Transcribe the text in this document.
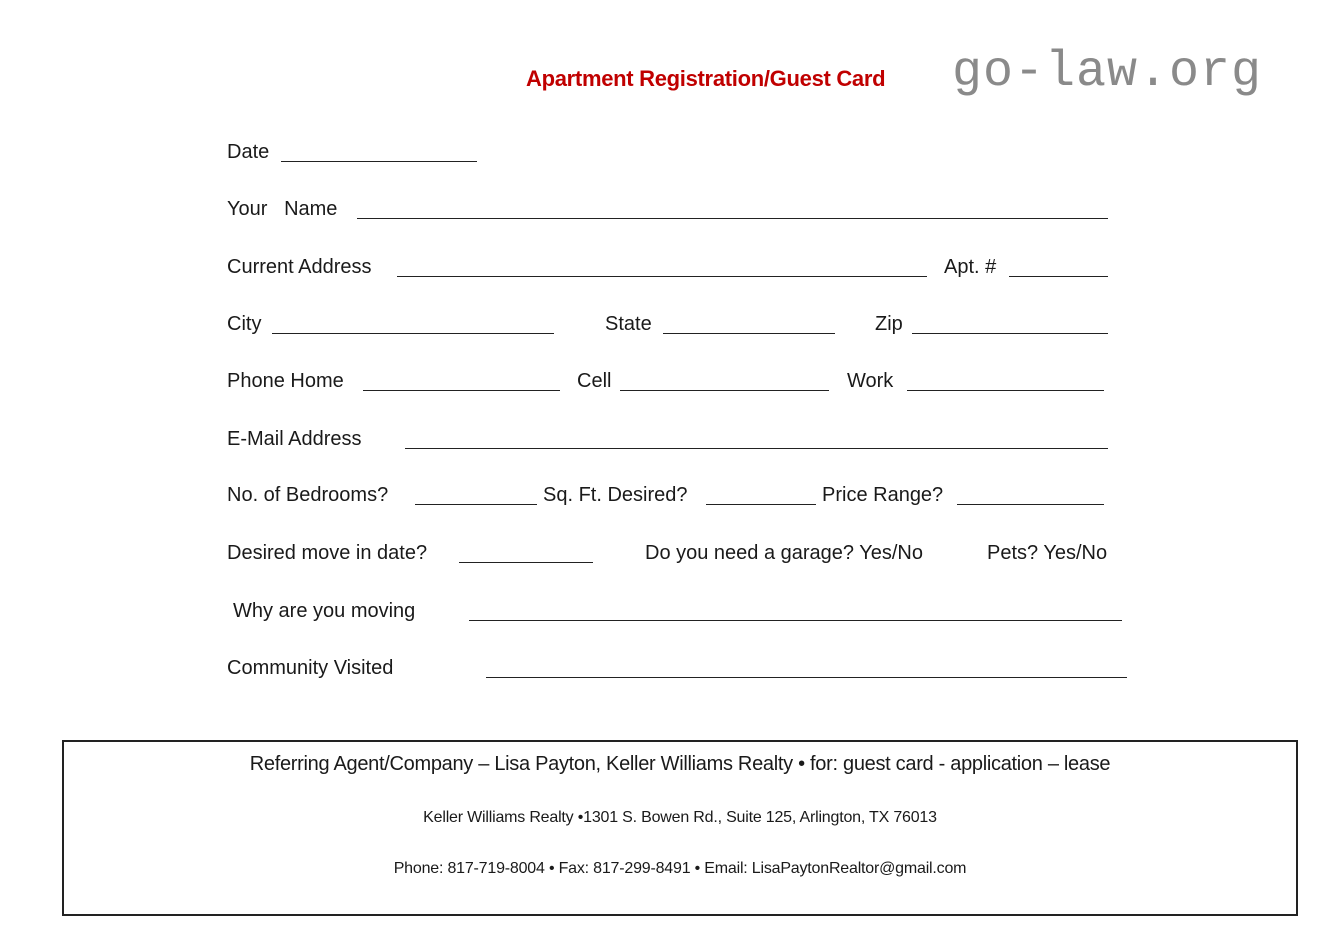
Apartment Registration/Guest Card go-law.org
Date
Your   Name
Current Address	Apt. #
City	State	Zip
Phone Home	Cell	Work
E-Mail Address
No. of Bedrooms?	Sq. Ft. Desired?	Price Range?
Desired move in date?	Do you need a garage? Yes/No	Pets? Yes/No
Why are you moving
Community Visited
Referring Agent/Company – Lisa Payton, Keller Williams Realty • for: guest card - application – lease
Keller Williams Realty •1301 S. Bowen Rd., Suite 125, Arlington, TX 76013
Phone: 817-719-8004 • Fax: 817-299-8491 • Email: LisaPaytonRealtor@gmail.com
